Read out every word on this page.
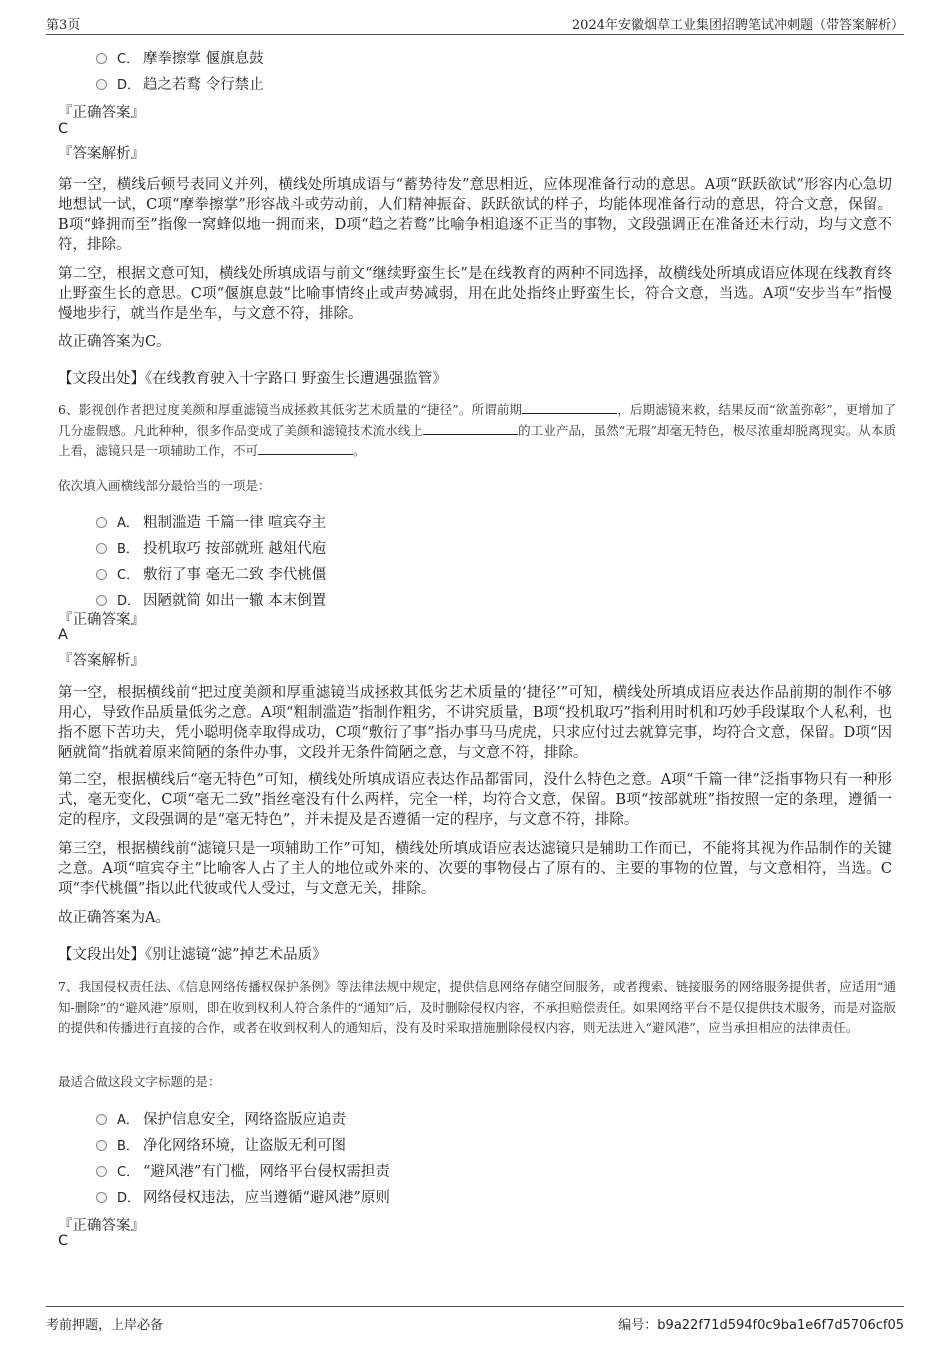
第3页	2024年安徽烟草工业集团招聘笔试冲刺题（带答案解析）
C． 摩拳擦掌 偃旗息鼓
D． 趋之若鹜 令行禁止
『正确答案』
C
『答案解析』

第一空，横线后顿号表同义并列，横线处所填成语与“蓄势待发”意思相近，应体现准备行动的意思。A项“跃跃欲试”形容内心急切地想试一试，C项“摩拳擦掌”形容战斗或劳动前，人们精神振奋、跃跃欲试的样子，均能体现准备行动的意思，符合文意，保留。B项“蜂拥而至”指像一窝蜂似地一拥而来，D项“趋之若鹜”比喻争相追逐不正当的事物，文段强调正在准备还未行动，均与文意不符，排除。

第二空，根据文意可知，横线处所填成语与前文“继续野蛮生长”是在线教育的两种不同选择，故横线处所填成语应体现在线教育终止野蛮生长的意思。C项“偃旗息鼓”比喻事情终止或声势减弱，用在此处指终止野蛮生长，符合文意，当选。A项“安步当车”指慢慢地步行，就当作是坐车，与文意不符，排除。

故正确答案为C。

【文段出处】《在线教育驶入十字路口 野蛮生长遭遇强监管》

6、影视创作者把过度美颜和厚重滤镜当成拯救其低劣艺术质量的“捷径”。所谓前期	，后期滤镜来救，结果反而“欲盖弥彰”，更增加了几分虚假感。凡此种种，很多作品变成了美颜和滤镜技术流水线上	的工业产品，虽然“无瑕”却毫无特色，极尽浓重却脱离现实。从本质上看，滤镜只是一项辅助工作，不可	。

依次填入画横线部分最恰当的一项是：

A． 粗制滥造 千篇一律 喧宾夺主
B． 投机取巧 按部就班 越俎代庖
C． 敷衍了事 毫无二致 李代桃僵
D． 因陋就简 如出一辙 本末倒置
『正确答案』
A
『答案解析』

第一空，根据横线前“把过度美颜和厚重滤镜当成拯救其低劣艺术质量的‘捷径’”可知，横线处所填成语应表达作品前期的制作不够用心，导致作品质量低劣之意。A项“粗制滥造”指制作粗劣，不讲究质量，B项“投机取巧”指利用时机和巧妙手段谋取个人私利，也指不愿下苦功夫，凭小聪明侥幸取得成功，C项“敷衍了事”指办事马马虎虎，只求应付过去就算完事，均符合文意，保留。D项“因陋就简”指就着原来简陋的条件办事，文段并无条件简陋之意，与文意不符，排除。

第二空，根据横线后“毫无特色”可知，横线处所填成语应表达作品都雷同，没什么特色之意。A项“千篇一律”泛指事物只有一种形式，毫无变化，C项“毫无二致”指丝毫没有什么两样，完全一样，均符合文意，保留。B项“按部就班”指按照一定的条理，遵循一定的程序，文段强调的是“毫无特色”，并未提及是否遵循一定的程序，与文意不符，排除。

第三空，根据横线前“滤镜只是一项辅助工作”可知，横线处所填成语应表达滤镜只是辅助工作而已，不能将其视为作品制作的关键之意。A项“喧宾夺主”比喻客人占了主人的地位或外来的、次要的事物侵占了原有的、主要的事物的位置，与文意相符，当选。C项“李代桃僵”指以此代彼或代人受过，与文意无关，排除。

故正确答案为A。

【文段出处】《别让滤镜“滤”掉艺术品质》

7、我国侵权责任法、《信息网络传播权保护条例》等法律法规中规定，提供信息网络存储空间服务，或者搜索、链接服务的网络服务提供者，应适用“通知-删除”的“避风港”原则，即在收到权利人符合条件的“通知”后，及时删除侵权内容，不承担赔偿责任。如果网络平台不是仅提供技术服务，而是对盗版的提供和传播进行直接的合作，或者在收到权利人的通知后，没有及时采取措施删除侵权内容，则无法进入“避风港”，应当承担相应的法律责任。

最适合做这段文字标题的是：

A． 保护信息安全，网络盗版应追责
B． 净化网络环境，让盗版无利可图
C． “避风港”有门槛，网络平台侵权需担责
D． 网络侵权违法，应当遵循“避风港”原则
『正确答案』
C
考前押题，上岸必备	编号：b9a22f71d594f0c9ba1e6f7d5706cf05
